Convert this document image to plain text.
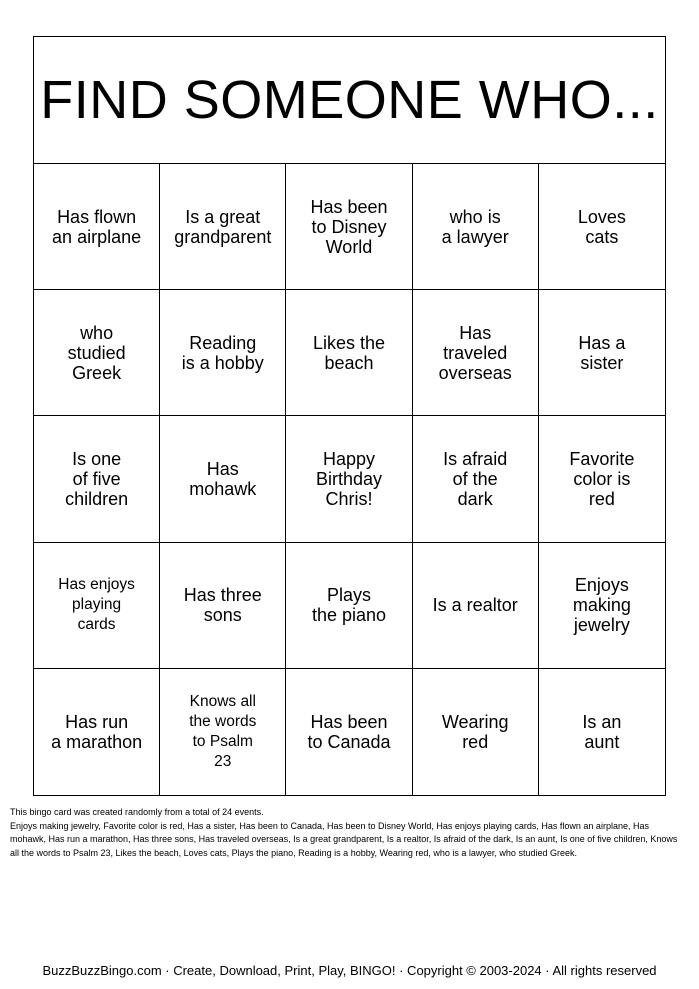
FIND SOMEONE WHO...
Has flown
an airplane
Is a great
grandparent
Has been
to Disney
World
who is
a lawyer
Loves
cats
who
studied
Greek
Reading
is a hobby
Likes the
beach
Has
traveled
overseas
Has a
sister
Is one
of five
children
Has
mohawk
Happy
Birthday
Chris!
Is afraid
of the
dark
Favorite
color is
red
Has enjoys
playing
cards
Has three
sons
Plays
the piano	Is a realtor
Enjoys
making
jewelry
Has run
a marathon
Knows all
the words
to Psalm
23
Has been
to Canada
Wearing
red
Is an
aunt

This bingo card was created randomly from a total of 24 events.

Enjoys making jewelry, Favorite color is red, Has a sister, Has been to Canada, Has been to Disney World, Has enjoys playing cards, Has flown an airplane, Has mohawk, Has run a marathon, Has three sons, Has traveled overseas, Is a great grandparent, Is a realtor, Is afraid of the dark, Is an aunt, Is one of five children, Knows all the words to Psalm 23, Likes the beach, Loves cats, Plays the piano, Reading is a hobby, Wearing red, who is a lawyer, who studied Greek.

BuzzBuzzBingo.com · Create, Download, Print, Play, BINGO! · Copyright © 2003-2024 · All rights reserved
